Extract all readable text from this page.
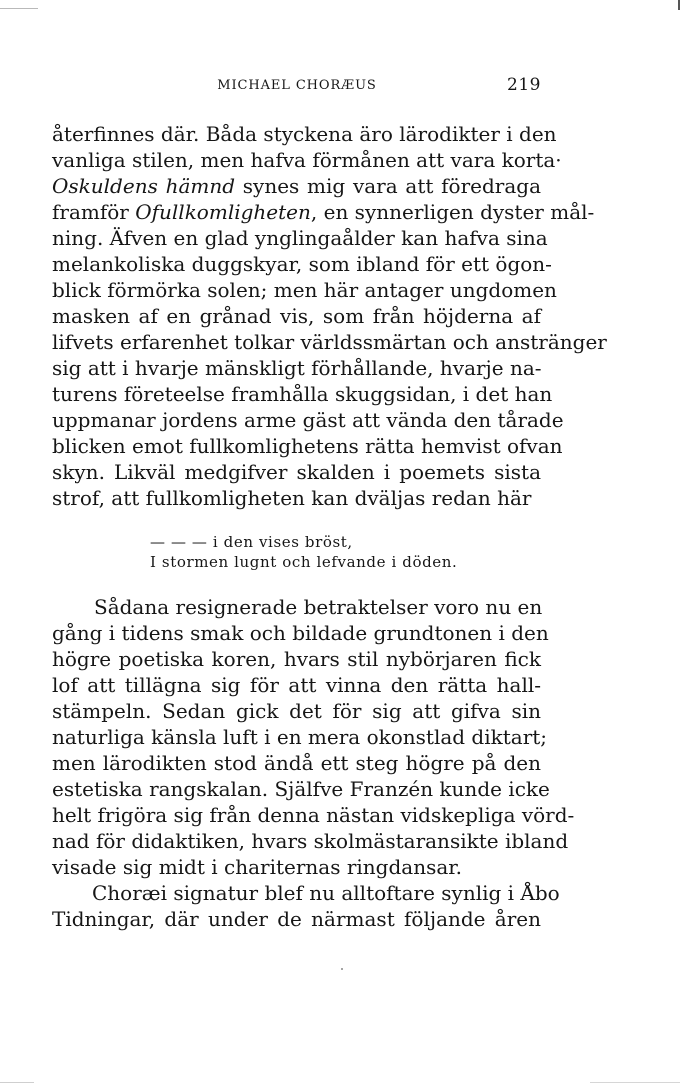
MICHAEL CHORÆUS	219
återfinnes där. Båda styckena äro lärodikter i den
vanliga stilen, men hafva förmånen att vara korta·
Oskuldens hämnd synes mig vara att föredraga
framför Ofullkomligheten, en synnerligen dyster mål-
ning. Äfven en glad ynglingaålder kan hafva sina
melankoliska duggskyar, som ibland för ett ögon-
blick förmörka solen; men här antager ungdomen
masken af en grånad vis, som från höjderna af
lifvets erfarenhet tolkar världssmärtan och anstränger
sig att i hvarje mänskligt förhållande, hvarje na-
turens företeelse framhålla skuggsidan, i det han
uppmanar jordens arme gäst att vända den tårade
blicken emot fullkomlighetens rätta hemvist ofvan
skyn. Likväl medgifver skalden i poemets sista
strof, att fullkomligheten kan dväljas redan här
— — — i den vises bröst,
I stormen lugnt och lefvande i döden.
Sådana resignerade betraktelser voro nu en
gång i tidens smak och bildade grundtonen i den
högre poetiska koren, hvars stil nybörjaren fick
lof att tillägna sig för att vinna den rätta hall-
stämpeln. Sedan gick det för sig att gifva sin
naturliga känsla luft i en mera okonstlad diktart;
men lärodikten stod ändå ett steg högre på den
estetiska rangskalan. Själfve Franzén kunde icke
helt frigöra sig från denna nästan vidskepliga vörd-
nad för didaktiken, hvars skolmästaransikte ibland
visade sig midt i chariternas ringdansar.
Choræi signatur blef nu alltoftare synlig i Åbo
Tidningar, där under de närmast följande åren
